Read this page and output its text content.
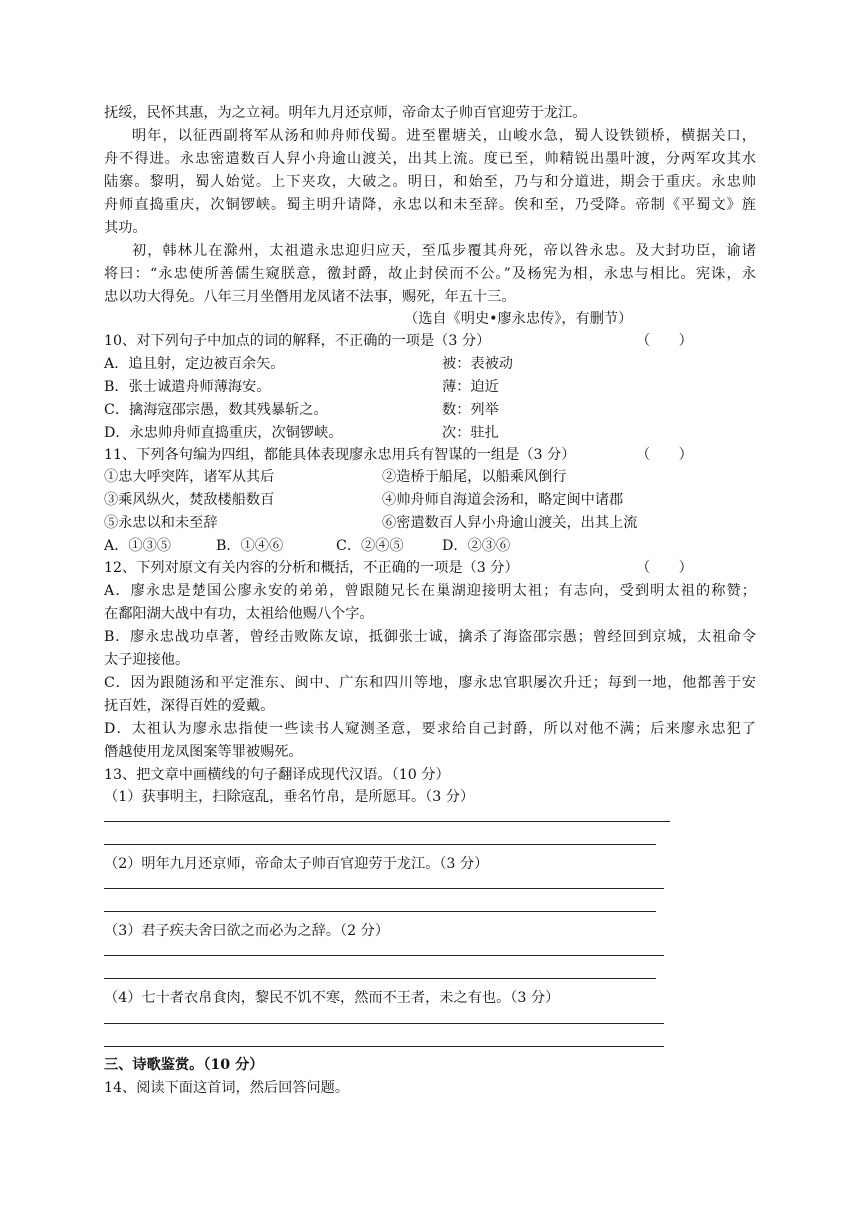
抚绥，民怀其惠，为之立祠。明年九月还京师，帝命太子帅百官迎劳于龙江。
明年，以征西副将军从汤和帅舟师伐蜀。进至瞿塘关，山峻水急，蜀人设铁锁桥，横据关口，
舟不得进。永忠密遣数百人舁小舟逾山渡关，出其上流。度已至，帅精锐出墨叶渡，分两军攻其水
陆寨。黎明，蜀人始觉。上下夹攻，大破之。明日，和始至，乃与和分道进，期会于重庆。永忠帅
舟师直捣重庆，次铜锣峡。蜀主明升请降，永忠以和未至辞。俟和至，乃受降。帝制《平蜀文》旌
其功。
初，韩林儿在滁州，太祖遣永忠迎归应天，至瓜步覆其舟死，帝以咎永忠。及大封功臣，谕诸
将曰：“永忠使所善儒生窥朕意，徼封爵，故止封侯而不公。”及杨宪为相，永忠与相比。宪诛，永
忠以功大得免。八年三月坐僭用龙凤诸不法事，赐死，年五十三。
（选自《明史•廖永忠传》，有删节）
10、对下列句子中加点的词的解释，不正确的一项是（3 分）	（　　）
A．追且射，定边被百余矢。	被：表被动
B．张士诚遣舟师薄海安。	薄：迫近
C．擒海寇邵宗愚，数其残暴斩之。	数：列举
D．永忠帅舟师直捣重庆，次铜锣峡。	次：驻扎
11、下列各句编为四组，都能具体表现廖永忠用兵有智谋的一组是（3 分）	（　　）
①忠大呼突阵，诸军从其后	②造桥于船尾，以船乘风倒行
③乘风纵火，焚敌楼船数百	④帅舟师自海道会汤和，略定闽中诸郡
⑤永忠以和未至辞	⑥密遣数百人舁小舟逾山渡关，出其上流
A．①③⑤	B．①④⑥	C．②④⑤	D．②③⑥
12、下列对原文有关内容的分析和概括，不正确的一项是（3 分）	（　　）
A．廖永忠是楚国公廖永安的弟弟，曾跟随兄长在巢湖迎接明太祖；有志向，受到明太祖的称赞；
在鄱阳湖大战中有功，太祖给他赐八个字。
B．廖永忠战功卓著，曾经击败陈友谅，抵御张士诚，擒杀了海盗邵宗愚；曾经回到京城，太祖命令
太子迎接他。
C．因为跟随汤和平定淮东、闽中、广东和四川等地，廖永忠官职屡次升迁；每到一地，他都善于安
抚百姓，深得百姓的爱戴。
D．太祖认为廖永忠指使一些读书人窥测圣意，要求给自己封爵，所以对他不满；后来廖永忠犯了
僭越使用龙凤图案等罪被赐死。
13、把文章中画横线的句子翻译成现代汉语。（10 分）
（1）获事明主，扫除寇乱，垂名竹帛，是所愿耳。（3 分）
（2）明年九月还京师，帝命太子帅百官迎劳于龙江。（3 分）
（3）君子疾夫舍曰欲之而必为之辞。（2 分）
（4）七十者衣帛食肉，黎民不饥不寒，然而不王者，未之有也。（3 分）
三、诗歌鉴赏。（10 分）
14、阅读下面这首词，然后回答问题。
